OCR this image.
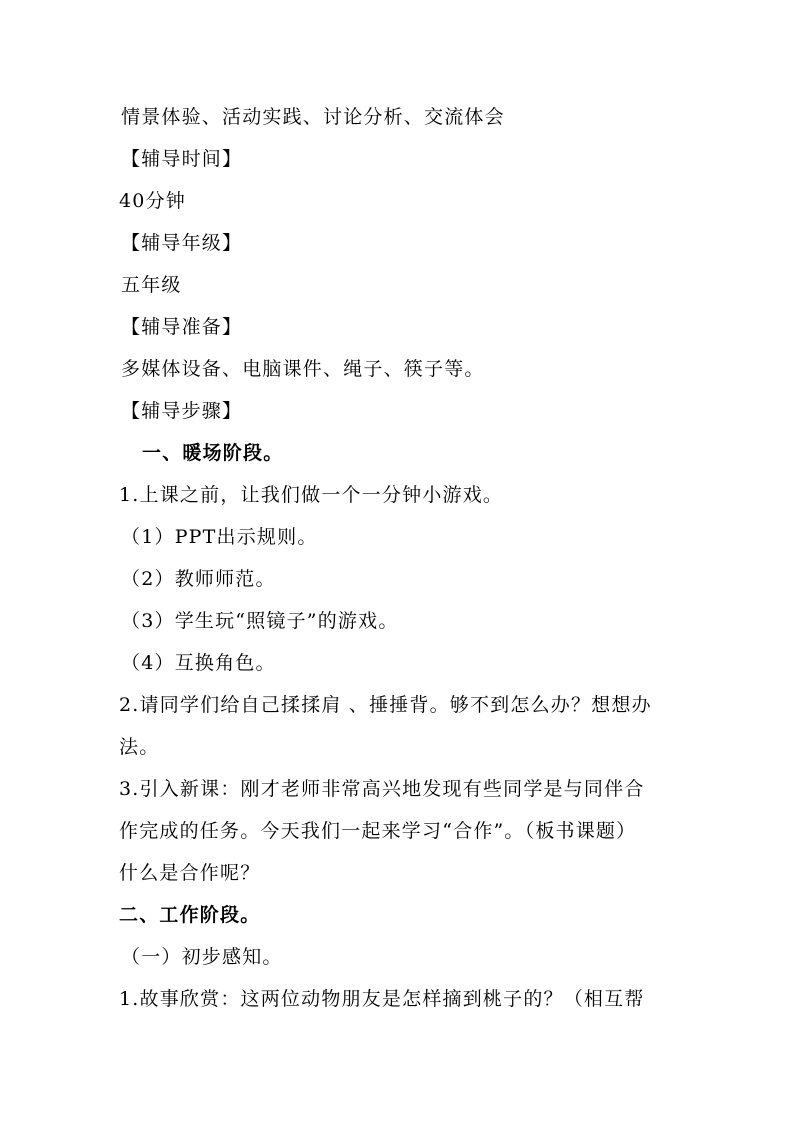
情景体验、活动实践、讨论分析、交流体会
【辅导时间】
40分钟
【辅导年级】
五年级
【辅导准备】
多媒体设备、电脑课件、绳子、筷子等。
【辅导步骤】
一、暖场阶段。
1.上课之前，让我们做一个一分钟小游戏。
（1）PPT出示规则。
（2）教师师范。
（3）学生玩“照镜子”的游戏。
（4）互换角色。
2.请同学们给自己揉揉肩 、捶捶背。够不到怎么办？想想办
法。
3.引入新课：刚才老师非常高兴地发现有些同学是与同伴合
作完成的任务。今天我们一起来学习“合作”。（板书课题）
什么是合作呢？
二、工作阶段。
（一）初步感知。
1.故事欣赏：这两位动物朋友是怎样摘到桃子的？（相互帮
